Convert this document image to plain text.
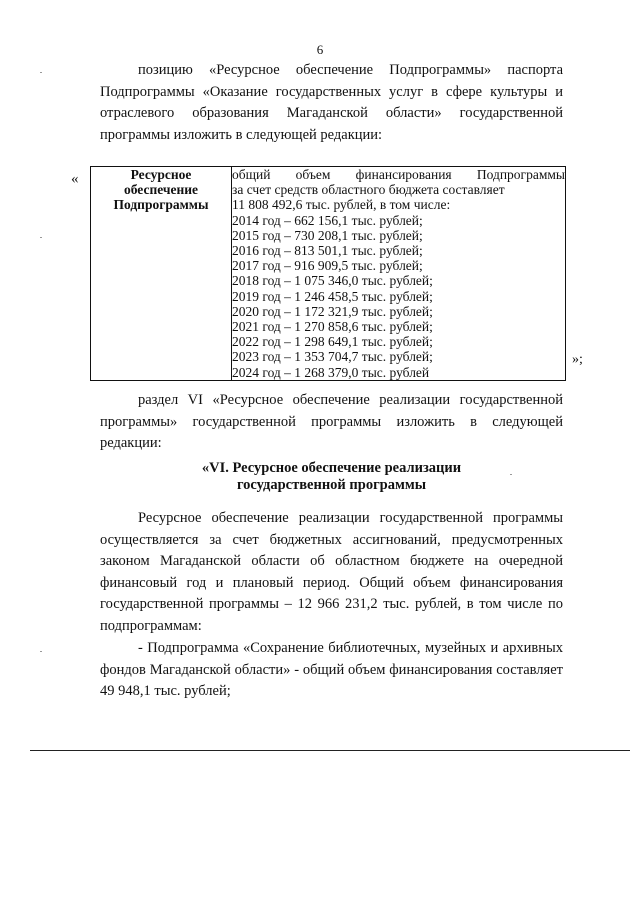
6

позицию «Ресурсное обеспечение Подпрограммы» паспорта Подпрограммы «Оказание государственных услуг в сфере культуры и отраслевого образования Магаданской области» государственной программы изложить в следующей редакции:

«	Ресурсное
обеспечение
Подпрограммы

общий объем финансирования Подпрограммы
за счет средств областного бюджета составляет
11 808 492,6 тыс. рублей, в том числе:
2014 год – 662 156,1 тыс. рублей;
2015 год – 730 208,1 тыс. рублей;
2016 год – 813 501,1 тыс. рублей;
2017 год – 916 909,5 тыс. рублей;
2018 год – 1 075 346,0 тыс. рублей;
2019 год – 1 246 458,5 тыс. рублей;
2020 год – 1 172 321,9 тыс. рублей;
2021 год – 1 270 858,6 тыс. рублей;
2022 год – 1 298 649,1 тыс. рублей;
2023 год – 1 353 704,7 тыс. рублей;
2024 год – 1 268 379,0 тыс. рублей
»;

раздел VI «Ресурсное обеспечение реализации государственной программы» государственной программы изложить в следующей редакции:

«VI. Ресурсное обеспечение реализации
государственной программы

Ресурсное обеспечение реализации государственной программы осуществляется за счет бюджетных ассигнований, предусмотренных законом Магаданской области об областном бюджете на очередной финансовый год и плановый период. Общий объем финансирования государственной программы – 12 966 231,2 тыс. рублей, в том числе по подпрограммам:

- Подпрограмма «Сохранение библиотечных, музейных и архивных фондов Магаданской области» - общий объем финансирования составляет 49 948,1 тыс. рублей;
